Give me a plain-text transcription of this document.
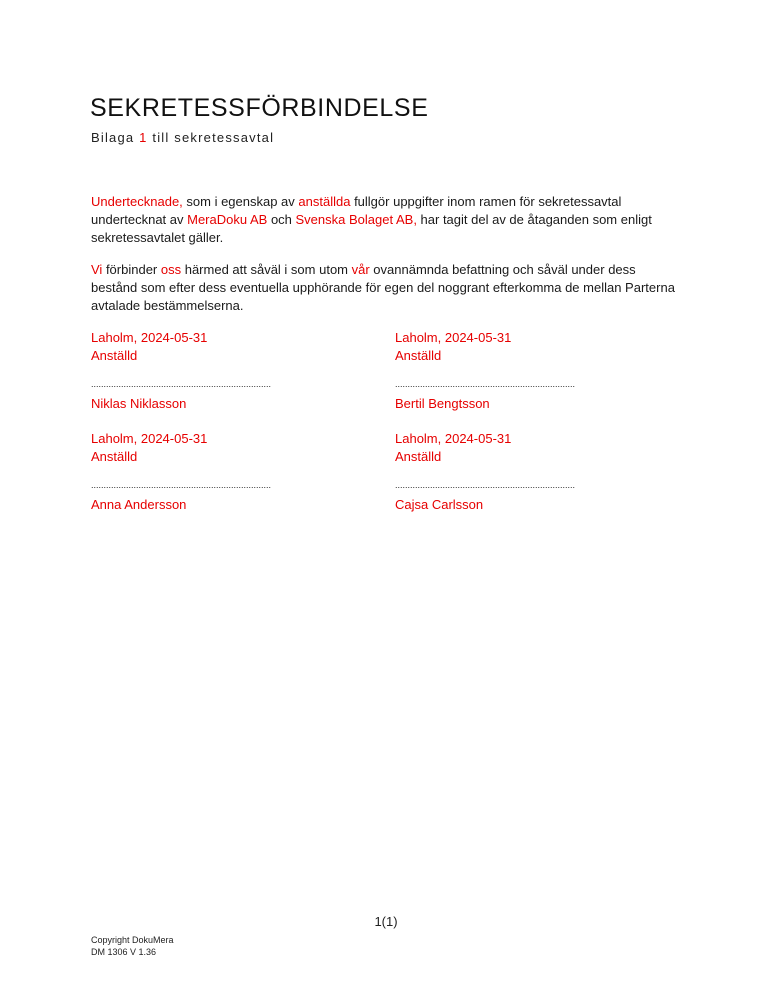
SEKRETESSFÖRBINDELSE
Bilaga 1 till sekretessavtal
Undertecknade, som i egenskap av anställda fullgör uppgifter inom ramen för sekretessavtal undertecknat av MeraDoku AB och Svenska Bolaget AB, har tagit del av de åtaganden som enligt sekretessavtalet gäller.
Vi förbinder oss härmed att såväl i som utom vår ovannämnda befattning och såväl under dess bestånd som efter dess eventuella upphörande för egen del noggrant efterkomma de mellan Parterna avtalade bestämmelserna.
Laholm, 2024-05-31
Anställd
........................................................................
Niklas Niklasson
Laholm, 2024-05-31
Anställd
........................................................................
Bertil Bengtsson
Laholm, 2024-05-31
Anställd
........................................................................
Anna Andersson
Laholm, 2024-05-31
Anställd
........................................................................
Cajsa Carlsson
1(1)
Copyright DokuMera
DM 1306 V 1.36
